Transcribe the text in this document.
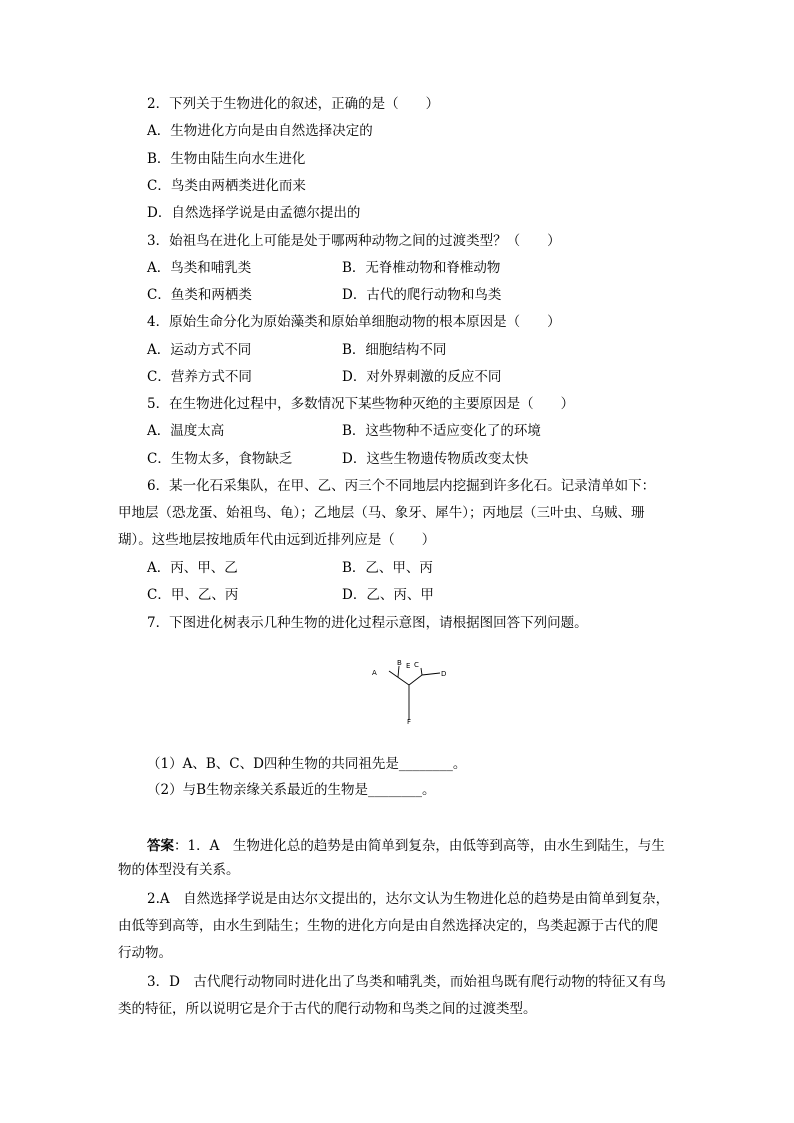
2．下列关于生物进化的叙述，正确的是（　　）
A．生物进化方向是由自然选择决定的
B．生物由陆生向水生进化
C．鸟类由两栖类进化而来
D．自然选择学说是由孟德尔提出的
3．始祖鸟在进化上可能是处于哪两种动物之间的过渡类型？（　　）
A．鸟类和哺乳类	B．无脊椎动物和脊椎动物
C．鱼类和两栖类	D．古代的爬行动物和鸟类
4．原始生命分化为原始藻类和原始单细胞动物的根本原因是（　　）
A．运动方式不同	B．细胞结构不同
C．营养方式不同	D．对外界刺激的反应不同
5．在生物进化过程中，多数情况下某些物种灭绝的主要原因是（　　）
A．温度太高	B．这些物种不适应变化了的环境
C．生物太多，食物缺乏	D．这些生物遗传物质改变太快
6．某一化石采集队，在甲、乙、丙三个不同地层内挖掘到许多化石。记录清单如下：
甲地层（恐龙蛋、始祖鸟、龟）；乙地层（马、象牙、犀牛）；丙地层（三叶虫、乌贼、珊
瑚）。这些地层按地质年代由远到近排列应是（　　）
A．丙、甲、乙	B．乙、甲、丙
C．甲、乙、丙	D．乙、丙、甲
7．下图进化树表示几种生物的进化过程示意图，请根据图回答下列问题。
A
B E C
D
F
（1）A、B、C、D四种生物的共同祖先是________。
（2）与B生物亲缘关系最近的生物是________。
答案：1．A　生物进化总的趋势是由简单到复杂，由低等到高等，由水生到陆生，与生
物的体型没有关系。
2.A　自然选择学说是由达尔文提出的，达尔文认为生物进化总的趋势是由简单到复杂，
由低等到高等，由水生到陆生；生物的进化方向是由自然选择决定的，鸟类起源于古代的爬
行动物。
3．D　古代爬行动物同时进化出了鸟类和哺乳类，而始祖鸟既有爬行动物的特征又有鸟
类的特征，所以说明它是介于古代的爬行动物和鸟类之间的过渡类型。
